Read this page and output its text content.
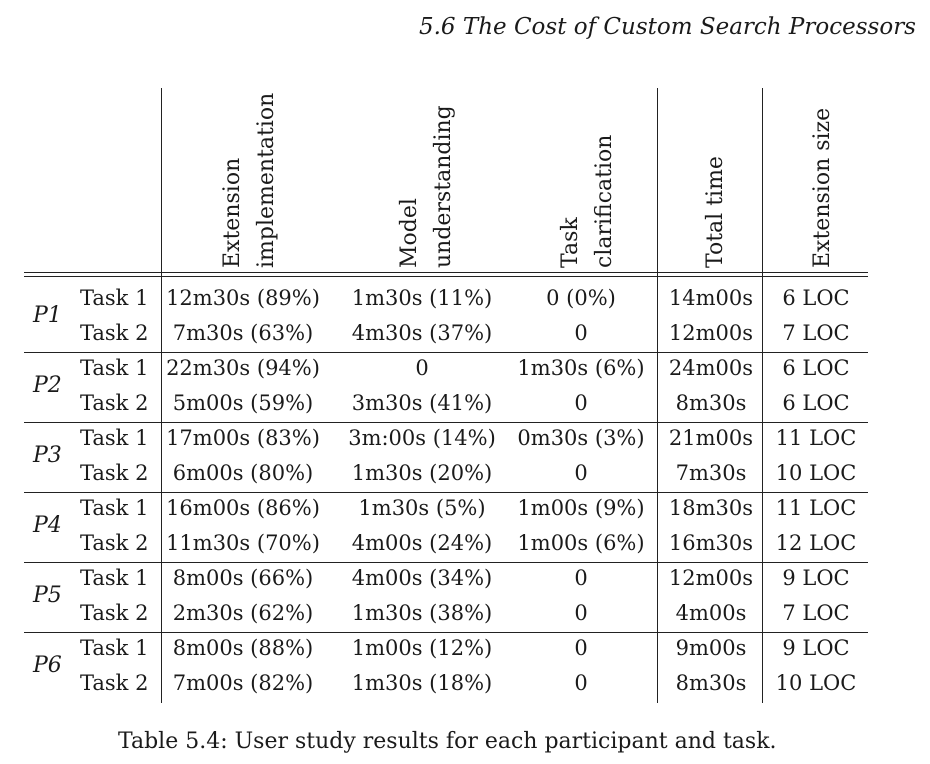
5.6 The Cost of Custom Search Processors
Extension implementation	Model understanding	Task clarification	Total time	Extension size
P1
Task 1 12m30s (89%)	1m30s (11%)	0 (0%)	14m00s	6 LOC
Task 2	7m30s (63%)	4m30s (37%)	0	12m00s	7 LOC
P2
Task 1 22m30s (94%)	0	1m30s (6%)	24m00s	6 LOC
Task 2	5m00s (59%)	3m30s (41%)	0	8m30s	6 LOC
P3
Task 1 17m00s (83%)	3m:00s (14%)	0m30s (3%)	21m00s	11 LOC
Task 2	6m00s (80%)	1m30s (20%)	0	7m30s	10 LOC
P4
Task 1 16m00s (86%)	1m30s (5%)	1m00s (9%)	18m30s	11 LOC
Task 2 11m30s (70%)	4m00s (24%)	1m00s (6%)	16m30s	12 LOC
P5
Task 1	8m00s (66%)	4m00s (34%)	0	12m00s	9 LOC
Task 2	2m30s (62%)	1m30s (38%)	0	4m00s	7 LOC
P6
Task 1	8m00s (88%)	1m00s (12%)	0	9m00s	9 LOC
Task 2	7m00s (82%)	1m30s (18%)	0	8m30s	10 LOC
Table 5.4: User study results for each participant and task.
